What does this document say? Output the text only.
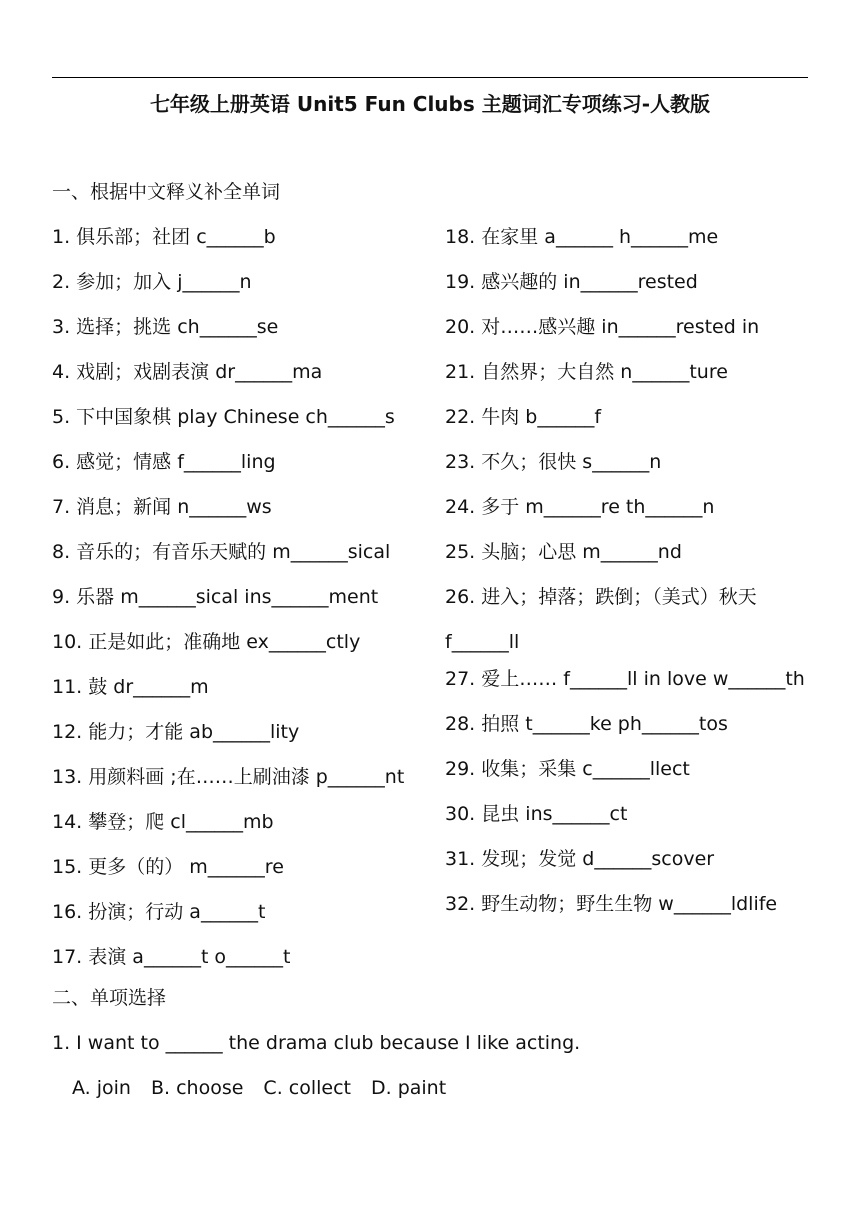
七年级上册英语 Unit5 Fun Clubs 主题词汇专项练习-人教版
一、根据中文释义补全单词
1. 俱乐部；社团 c______b
2. 参加；加入 j______n
3. 选择；挑选 ch______se
4. 戏剧；戏剧表演 dr______ma
5. 下中国象棋 play Chinese ch______s
6. 感觉；情感 f______ling
7. 消息；新闻 n______ws
8. 音乐的；有音乐天赋的 m______sical
9. 乐器 m______sical ins______ment
10. 正是如此；准确地 ex______ctly
11. 鼓 dr______m
12. 能力；才能 ab______lity
13. 用颜料画 ;在……上刷油漆 p______nt
14. 攀登；爬 cl______mb
15. 更多（的） m______re
16. 扮演；行动 a______t
17. 表演 a______t o______t
18. 在家里 a______ h______me
19. 感兴趣的 in______rested
20. 对……感兴趣 in______rested in
21. 自然界；大自然 n______ture
22. 牛肉 b______f
23. 不久；很快 s______n
24. 多于 m______re th______n
25. 头脑；心思 m______nd
26. 进入；掉落；跌倒；（美式）秋天 f______ll
27. 爱上…… f______ll in love w______th
28. 拍照 t______ke ph______tos
29. 收集；采集 c______llect
30. 昆虫 ins______ct
31. 发现；发觉 d______scover
32. 野生动物；野生生物 w______ldlife
二、单项选择
1. I want to ______ the drama club because I like acting.
A. join B. choose C. collect D. paint
